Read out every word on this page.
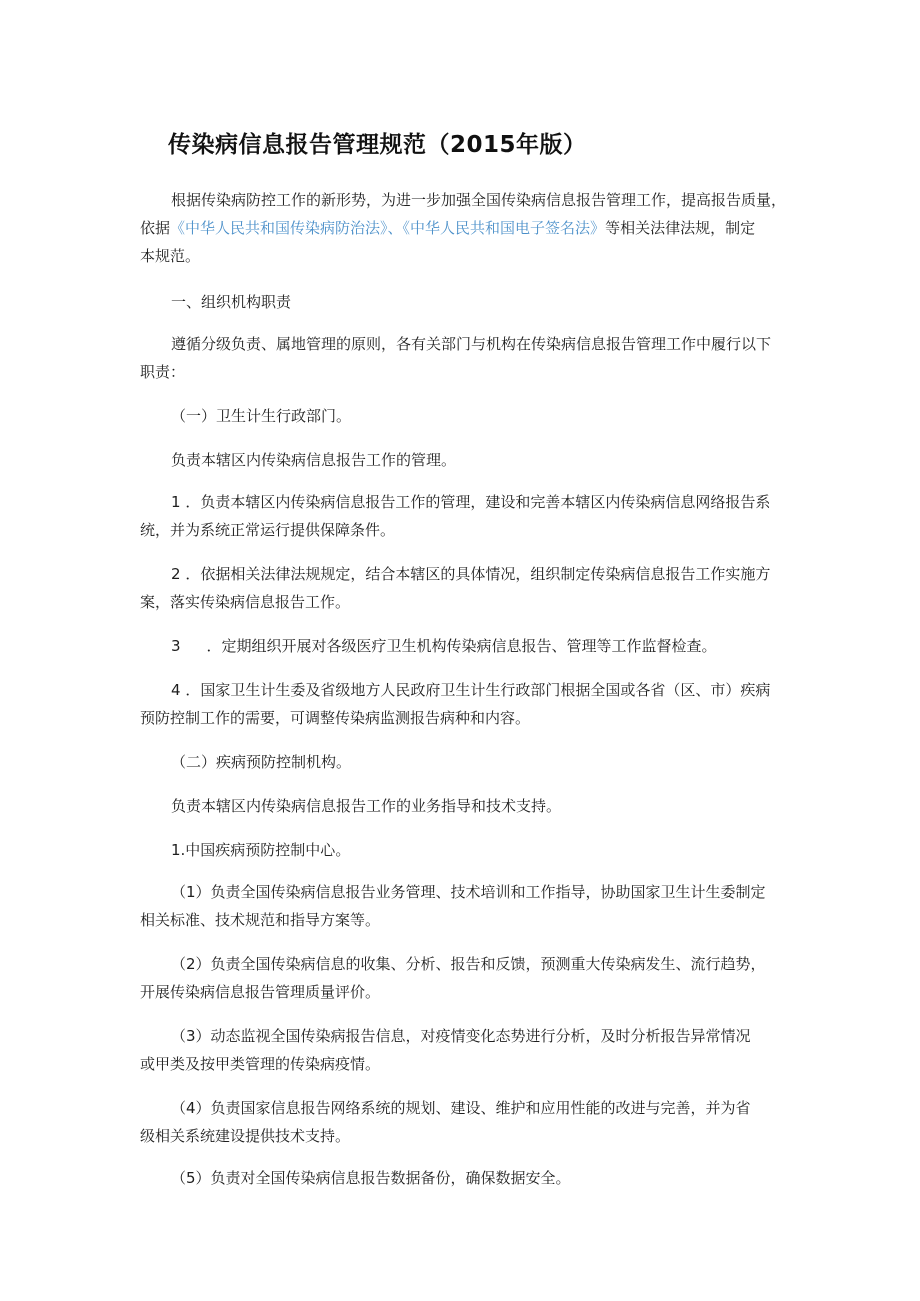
传染病信息报告管理规范（2015年版）

根据传染病防控工作的新形势，为进一步加强全国传染病信息报告管理工作，提高报告质量，
依据《中华人民共和国传染病防治法》、《中华人民共和国电子签名法》等相关法律法规，制定
本规范。

一、组织机构职责

遵循分级负责、属地管理的原则，各有关部门与机构在传染病信息报告管理工作中履行以下
职责：

（一）卫生计生行政部门。

负责本辖区内传染病信息报告工作的管理。

1 ．负责本辖区内传染病信息报告工作的管理，建设和完善本辖区内传染病信息网络报告系
统，并为系统正常运行提供保障条件。

2 ．依据相关法律法规规定，结合本辖区的具体情况，组织制定传染病信息报告工作实施方
案，落实传染病信息报告工作。

3 ．定期组织开展对各级医疗卫生机构传染病信息报告、管理等工作监督检查。

4 ．国家卫生计生委及省级地方人民政府卫生计生行政部门根据全国或各省（区、市）疾病
预防控制工作的需要，可调整传染病监测报告病种和内容。

（二）疾病预防控制机构。

负责本辖区内传染病信息报告工作的业务指导和技术支持。

1.中国疾病预防控制中心。

（1）负责全国传染病信息报告业务管理、技术培训和工作指导，协助国家卫生计生委制定
相关标准、技术规范和指导方案等。

（2）负责全国传染病信息的收集、分析、报告和反馈，预测重大传染病发生、流行趋势，
开展传染病信息报告管理质量评价。

（3）动态监视全国传染病报告信息，对疫情变化态势进行分析，及时分析报告异常情况
或甲类及按甲类管理的传染病疫情。

（4）负责国家信息报告网络系统的规划、建设、维护和应用性能的改进与完善，并为省
级相关系统建设提供技术支持。

（5）负责对全国传染病信息报告数据备份，确保数据安全。
